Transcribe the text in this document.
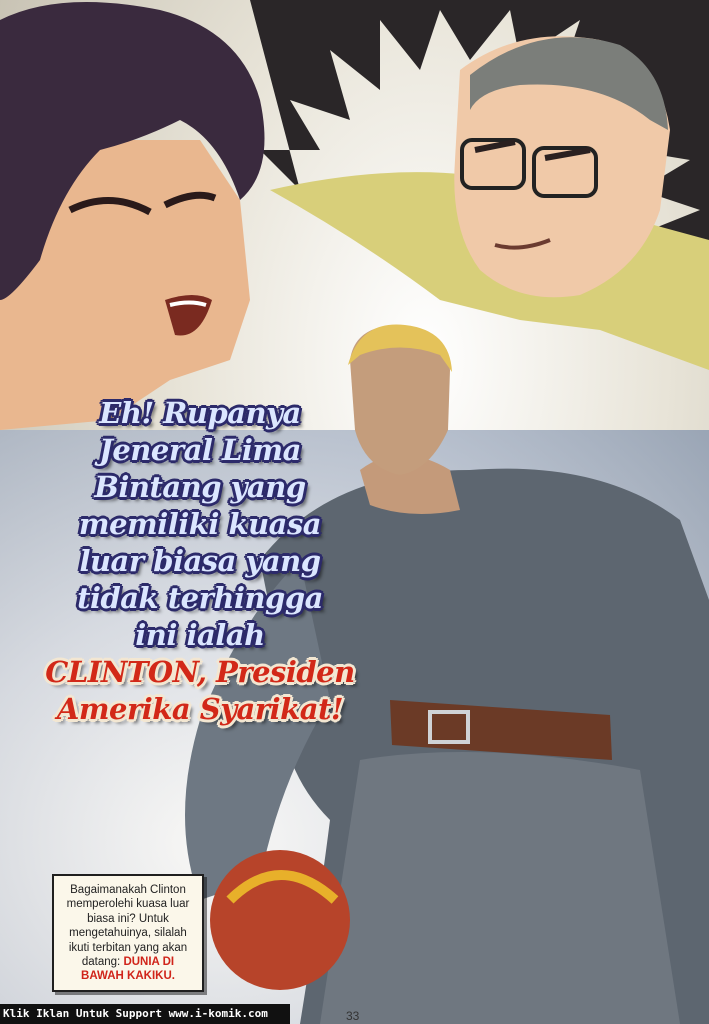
Eh! Rupanya
Jeneral Lima
Bintang yang
memiliki kuasa
luar biasa yang
tidak terhingga
ini ialah
CLINTON, Presiden
Amerika Syarikat!
Bagaimanakah Clinton memperolehi kuasa luar biasa ini? Untuk mengetahuinya, silalah ikuti terbitan yang akan datang: DUNIA DI BAWAH KAKIKU.
Klik Iklan Untuk Support www.i-komik.com	33
